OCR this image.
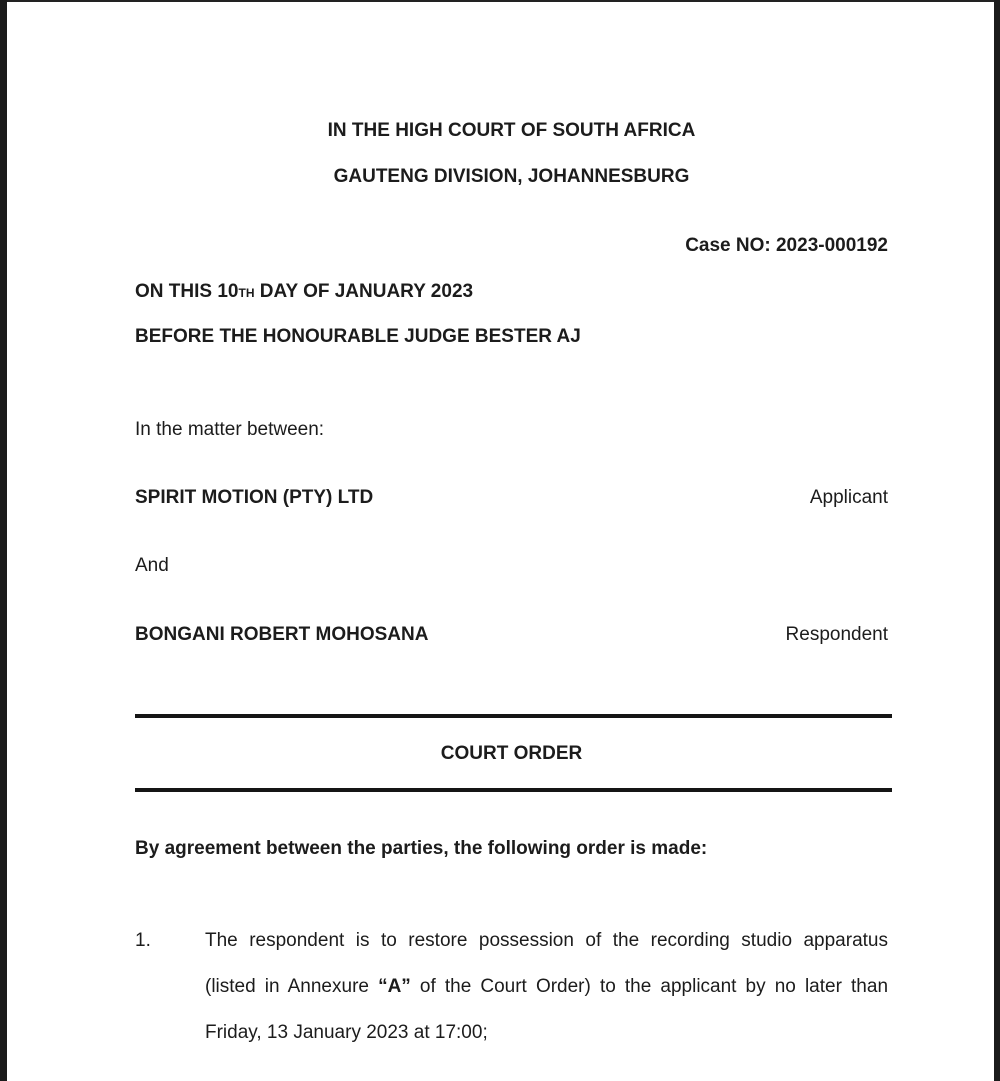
IN THE HIGH COURT OF SOUTH AFRICA
GAUTENG DIVISION, JOHANNESBURG
Case NO: 2023-000192
ON THIS 10TH DAY OF JANUARY 2023
BEFORE THE HONOURABLE JUDGE BESTER AJ
In the matter between:
SPIRIT MOTION (PTY) LTD	Applicant
And
BONGANI ROBERT MOHOSANA	Respondent
COURT ORDER
By agreement between the parties, the following order is made:
1.	The respondent is to restore possession of the recording studio apparatus
(listed in Annexure “A” of the Court Order) to the applicant by no later than
Friday, 13 January 2023 at 17:00;
